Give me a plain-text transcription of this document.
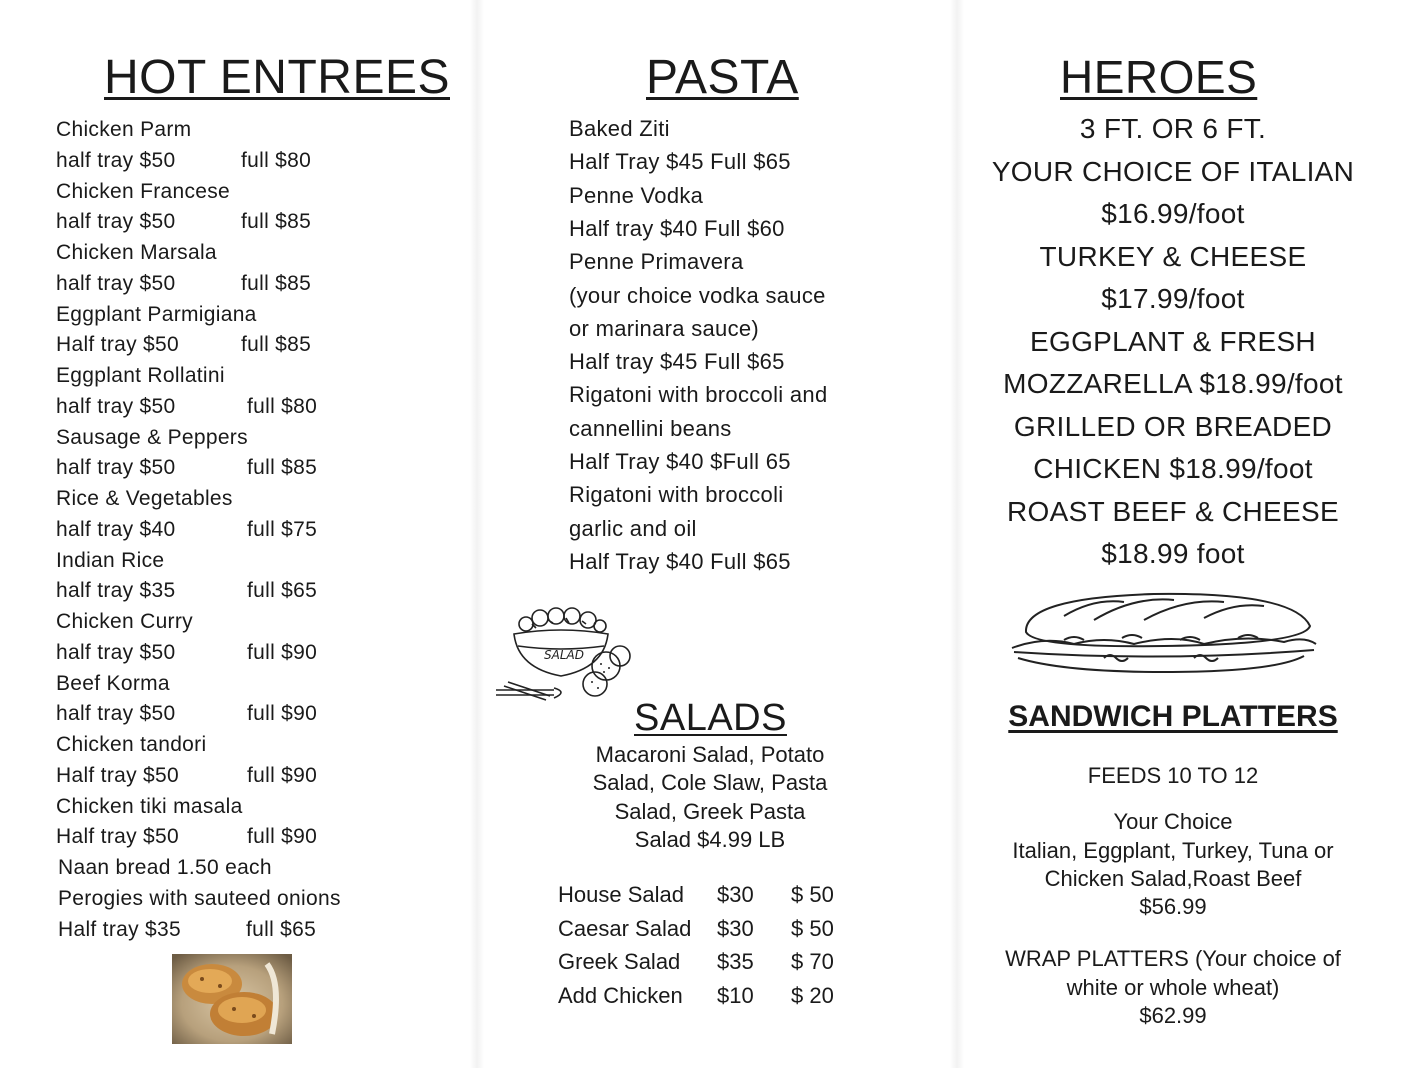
HOT ENTREES
Chicken Parm
half tray $50	full $80
Chicken Francese
half tray $50	full $85
Chicken Marsala
half tray $50	full $85
Eggplant Parmigiana
Half tray $50	full $85
Eggplant Rollatini
half tray $50	full $80
Sausage & Peppers
half tray $50	full $85
Rice & Vegetables
half tray $40	full $75
Indian Rice
half tray $35	full $65
Chicken Curry
half tray $50	full $90
Beef Korma
half tray $50	full $90
Chicken tandori
Half tray $50	full $90
Chicken tiki masala
Half tray $50	full $90
Naan bread 1.50 each
Perogies with sauteed onions
Half tray $35	full $65
PASTA
Baked Ziti
Half Tray $45 Full $65
Penne Vodka
Half tray $40 Full $60
Penne Primavera
(your choice vodka sauce
or marinara sauce)
Half tray $45 Full $65
Rigatoni with broccoli and
cannellini beans
Half Tray $40 $Full 65
Rigatoni with broccoli
garlic and oil
Half Tray $40 Full $65
SALAD
SALADS
Macaroni Salad, Potato
Salad, Cole Slaw, Pasta
Salad, Greek Pasta
Salad $4.99 LB
House Salad $30 $ 50
Caesar Salad $30 $ 50
Greek Salad $35 $ 70
Add Chicken $10 $ 20
HEROES
3 FT. OR 6 FT.
YOUR CHOICE OF ITALIAN
$16.99/foot
TURKEY & CHEESE
$17.99/foot
EGGPLANT & FRESH
MOZZARELLA $18.99/foot
GRILLED OR BREADED
CHICKEN $18.99/foot
ROAST BEEF & CHEESE
$18.99 foot
SANDWICH PLATTERS
FEEDS 10 TO 12
Your Choice
Italian, Eggplant, Turkey, Tuna or
Chicken Salad,Roast Beef
$56.99
WRAP PLATTERS (Your choice of
white or whole wheat)
$62.99
